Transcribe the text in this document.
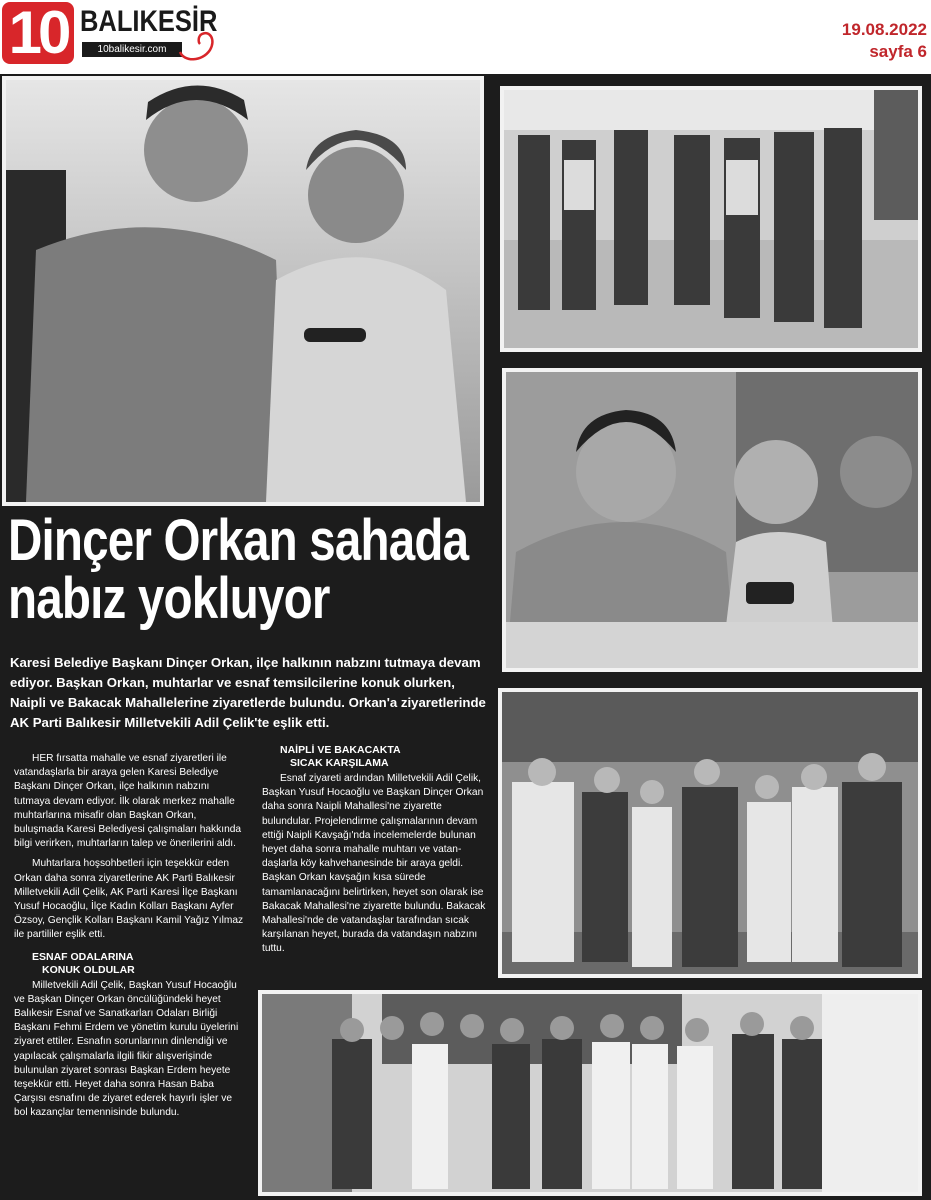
10 BALIKESİR
10balikesir.com
19.08.2022
sayfa 6
Dinçer Orkan sahada
nabız yokluyor
Karesi Belediye Başkanı Dinçer Orkan, ilçe halkının nabzını tutmaya devam ediyor. Başkan Orkan, muhtarlar ve esnaf temsilcilerine konuk olurken, Naipli ve Bakacak Mahallelerine ziyaretlerde bulundu. Orkan'a ziyaretlerinde AK Parti Balıkesir Milletvekili Adil Çelik'te eşlik etti.

HER fırsatta mahalle ve esnaf ziyaretleri ile vatandaşlarla bir araya gelen Karesi Belediye Başkanı Dinçer Orkan, ilçe halkının nabzını tutmaya devam ediyor. İlk olarak merkez mahalle muhtarlarına misafir olan Başkan Orkan, buluşmada Karesi Belediyesi çalışmaları hakkında bilgi verirken, muhtarların talep ve önerilerini aldı.

Muhtarlara hoşsohbetleri için teşekkür eden Orkan daha sonra ziyaretlerine AK Parti Balıkesir Milletvekili Adil Çelik, AK Parti Karesi İlçe Başkanı Yusuf Hocaoğlu, İlçe Kadın Kolları Başkanı Ayfer Özsoy, Gençlik Kolları Başkanı Kamil Yağız Yılmaz ile partililer eşlik etti.

ESNAF ODALARINA
KONUK OLDULAR

Milletvekili Adil Çelik, Başkan Yusuf Hocaoğlu ve Başkan Dinçer Orkan öncülüğündeki heyet Balıkesir Esnaf ve Sanatkarları Odaları Birliği Başkanı Fehmi Erdem ve yönetim kurulu üyelerini ziyaret ettiler. Esnafın sorunlarının dinlendiği ve yapılacak çalışmalarla ilgili fikir alışverişinde bulunulan ziyaret sonrası Başkan Erdem heyete teşekkür etti. Heyet daha sonra Hasan Baba Çarşısı esnafını de ziyaret ederek hayırlı işler ve bol kazançlar temennisinde bulundu.

NAİPLİ VE BAKACAKTA
SICAK KARŞILAMA

Esnaf ziyareti ardından Milletvekili Adil Çelik, Başkan Yusuf Hocaoğlu ve Başkan Dinçer Orkan daha sonra Naipli Mahallesi'ne ziyarette bulundular. Projelendirme çalışmalarının devam ettiği Naipli Kavşağı'nda incelemelerde bulunan heyet daha sonra mahalle muhtarı ve vatan-daşlarla köy kahvehanesinde bir araya geldi. Başkan Orkan kavşağın kısa sürede tamamlanacağını belirtirken, heyet son olarak ise Bakacak Mahallesi'ne ziyarette bulundu. Bakacak Mahallesi'nde de vatandaşlar tarafından sıcak karşılanan heyet, burada da vatandaşın nabzını tuttu.
